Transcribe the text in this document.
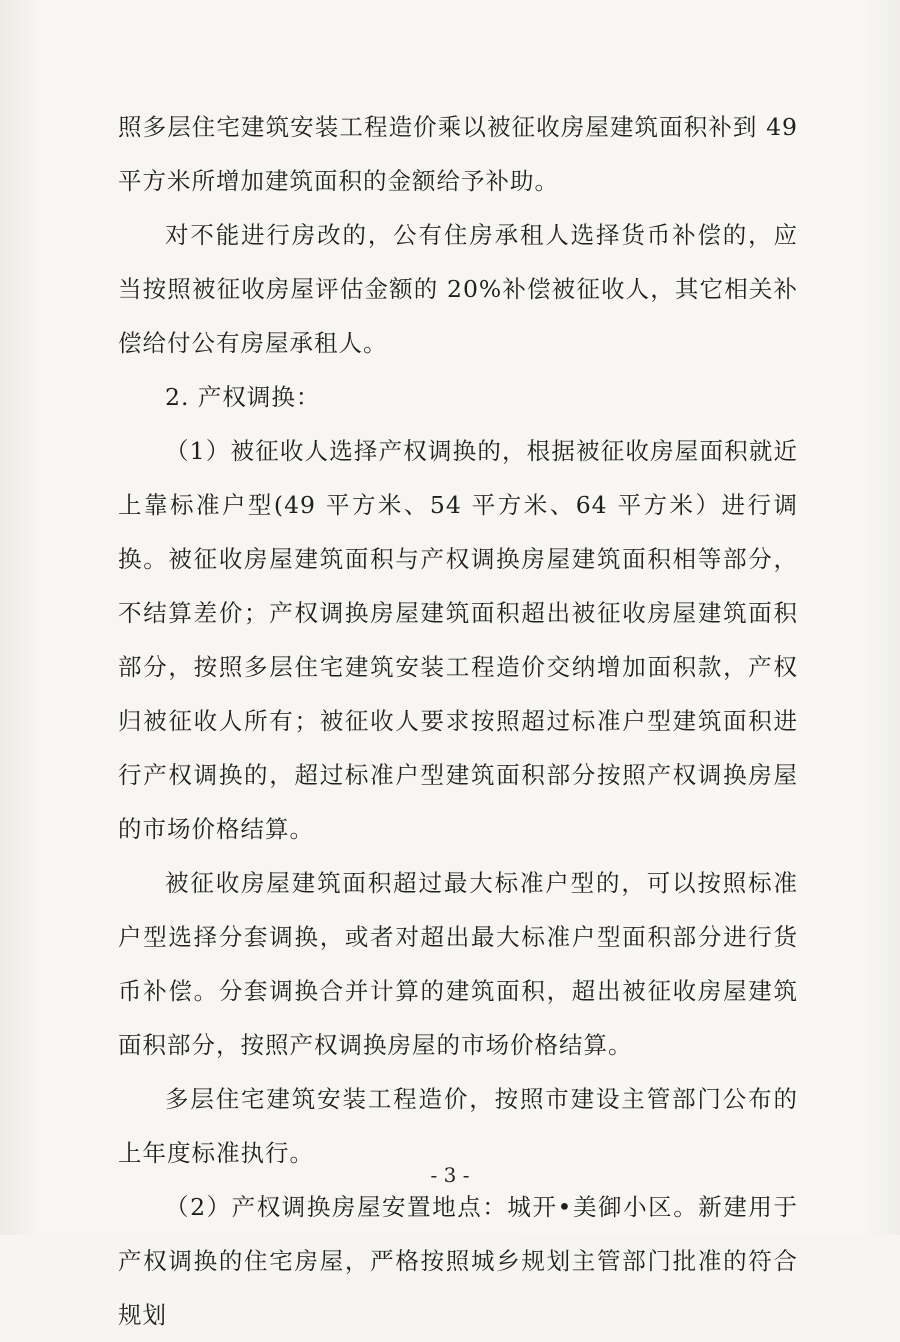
照多层住宅建筑安装工程造价乘以被征收房屋建筑面积补到 49 平方米所增加建筑面积的金额给予补助。

对不能进行房改的，公有住房承租人选择货币补偿的，应当按照被征收房屋评估金额的 20%补偿被征收人，其它相关补偿给付公有房屋承租人。

2. 产权调换：

（1）被征收人选择产权调换的，根据被征收房屋面积就近上靠标准户型(49 平方米、54 平方米、64 平方米）进行调换。被征收房屋建筑面积与产权调换房屋建筑面积相等部分，不结算差价；产权调换房屋建筑面积超出被征收房屋建筑面积部分，按照多层住宅建筑安装工程造价交纳增加面积款，产权归被征收人所有；被征收人要求按照超过标准户型建筑面积进行产权调换的，超过标准户型建筑面积部分按照产权调换房屋的市场价格结算。

被征收房屋建筑面积超过最大标准户型的，可以按照标准户型选择分套调换，或者对超出最大标准户型面积部分进行货币补偿。分套调换合并计算的建筑面积，超出被征收房屋建筑面积部分，按照产权调换房屋的市场价格结算。

多层住宅建筑安装工程造价，按照市建设主管部门公布的上年度标准执行。

（2）产权调换房屋安置地点：城开•美御小区。新建用于产权调换的住宅房屋，严格按照城乡规划主管部门批准的符合规划

- 3 -
